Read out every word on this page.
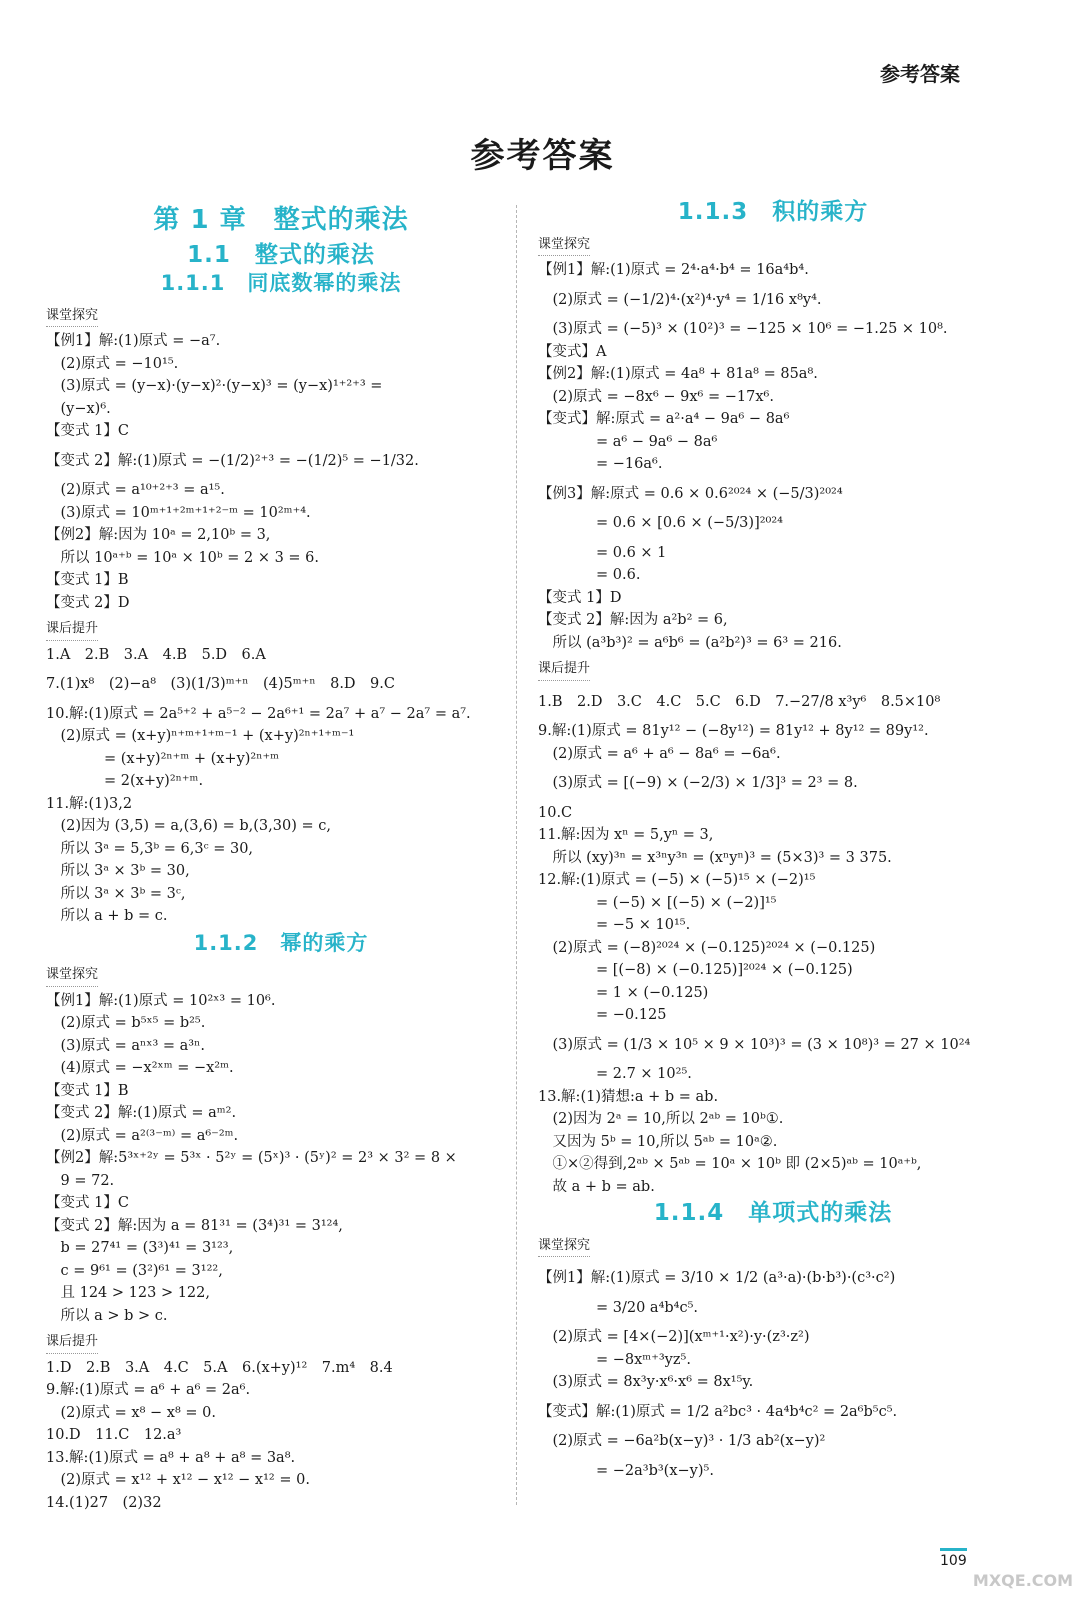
参考答案
参考答案
第 1 章　整式的乘法
1.1　整式的乘法
1.1.1　同底数幂的乘法
课堂探究
【例1】解:(1)原式 = −a⁷.
　(2)原式 = −10¹⁵.
　(3)原式 = (y−x)·(y−x)²·(y−x)³ = (y−x)¹⁺²⁺³ =
　(y−x)⁶.
【变式 1】C
【变式 2】解:(1)原式 = −(1/2)²⁺³ = −(1/2)⁵ = −1/32.
　(2)原式 = a¹⁰⁺²⁺³ = a¹⁵.
　(3)原式 = 10ᵐ⁺¹⁺²ᵐ⁺¹⁺²⁻ᵐ = 10²ᵐ⁺⁴.
【例2】解:因为 10ᵃ = 2,10ᵇ = 3,
　所以 10ᵃ⁺ᵇ = 10ᵃ × 10ᵇ = 2 × 3 = 6.
【变式 1】B
【变式 2】D
课后提升
1.A　2.B　3.A　4.B　5.D　6.A
7.(1)x⁸　(2)−a⁸　(3)(1/3)ᵐ⁺ⁿ　(4)5ᵐ⁺ⁿ　8.D　9.C
10.解:(1)原式 = 2a⁵⁺² + a⁵⁻² − 2a⁶⁺¹ = 2a⁷ + a⁷ − 2a⁷ = a⁷.
　(2)原式 = (x+y)ⁿ⁺ᵐ⁺¹⁺ᵐ⁻¹ + (x+y)²ⁿ⁺¹⁺ᵐ⁻¹
　　　　= (x+y)²ⁿ⁺ᵐ + (x+y)²ⁿ⁺ᵐ
　　　　= 2(x+y)²ⁿ⁺ᵐ.
11.解:(1)3,2
　(2)因为 (3,5) = a,(3,6) = b,(3,30) = c,
　所以 3ᵃ = 5,3ᵇ = 6,3ᶜ = 30,
　所以 3ᵃ × 3ᵇ = 30,
　所以 3ᵃ × 3ᵇ = 3ᶜ,
　所以 a + b = c.
1.1.2　幂的乘方
课堂探究
【例1】解:(1)原式 = 10²ˣ³ = 10⁶.
　(2)原式 = b⁵ˣ⁵ = b²⁵.
　(3)原式 = aⁿˣ³ = a³ⁿ.
　(4)原式 = −x²ˣᵐ = −x²ᵐ.
【变式 1】B
【变式 2】解:(1)原式 = aᵐ².
　(2)原式 = a²⁽³⁻ᵐ⁾ = a⁶⁻²ᵐ.
【例2】解:5³ˣ⁺²ʸ = 5³ˣ · 5²ʸ = (5ˣ)³ · (5ʸ)² = 2³ × 3² = 8 ×
　9 = 72.
【变式 1】C
【变式 2】解:因为 a = 81³¹ = (3⁴)³¹ = 3¹²⁴,
　b = 27⁴¹ = (3³)⁴¹ = 3¹²³,
　c = 9⁶¹ = (3²)⁶¹ = 3¹²²,
　且 124 > 123 > 122,
　所以 a > b > c.
课后提升
1.D　2.B　3.A　4.C　5.A　6.(x+y)¹²　7.m⁴　8.4
9.解:(1)原式 = a⁶ + a⁶ = 2a⁶.
　(2)原式 = x⁸ − x⁸ = 0.
10.D　11.C　12.a³
13.解:(1)原式 = a⁸ + a⁸ + a⁸ = 3a⁸.
　(2)原式 = x¹² + x¹² − x¹² − x¹² = 0.
14.(1)27　(2)32
1.1.3　积的乘方
课堂探究
【例1】解:(1)原式 = 2⁴·a⁴·b⁴ = 16a⁴b⁴.
　(2)原式 = (−1/2)⁴·(x²)⁴·y⁴ = 1/16 x⁸y⁴.
　(3)原式 = (−5)³ × (10²)³ = −125 × 10⁶ = −1.25 × 10⁸.
【变式】A
【例2】解:(1)原式 = 4a⁸ + 81a⁸ = 85a⁸.
　(2)原式 = −8x⁶ − 9x⁶ = −17x⁶.
【变式】解:原式 = a²·a⁴ − 9a⁶ − 8a⁶
　　　　= a⁶ − 9a⁶ − 8a⁶
　　　　= −16a⁶.
【例3】解:原式 = 0.6 × 0.6²⁰²⁴ × (−5/3)²⁰²⁴
　　　　= 0.6 × [0.6 × (−5/3)]²⁰²⁴
　　　　= 0.6 × 1
　　　　= 0.6.
【变式 1】D
【变式 2】解:因为 a²b² = 6,
　所以 (a³b³)² = a⁶b⁶ = (a²b²)³ = 6³ = 216.
课后提升
1.B　2.D　3.C　4.C　5.C　6.D　7.−27/8 x³y⁶　8.5×10⁸
9.解:(1)原式 = 81y¹² − (−8y¹²) = 81y¹² + 8y¹² = 89y¹².
　(2)原式 = a⁶ + a⁶ − 8a⁶ = −6a⁶.
　(3)原式 = [(−9) × (−2/3) × 1/3]³ = 2³ = 8.
10.C
11.解:因为 xⁿ = 5,yⁿ = 3,
　所以 (xy)³ⁿ = x³ⁿy³ⁿ = (xⁿyⁿ)³ = (5×3)³ = 3 375.
12.解:(1)原式 = (−5) × (−5)¹⁵ × (−2)¹⁵
　　　　= (−5) × [(−5) × (−2)]¹⁵
　　　　= −5 × 10¹⁵.
　(2)原式 = (−8)²⁰²⁴ × (−0.125)²⁰²⁴ × (−0.125)
　　　　= [(−8) × (−0.125)]²⁰²⁴ × (−0.125)
　　　　= 1 × (−0.125)
　　　　= −0.125
　(3)原式 = (1/3 × 10⁵ × 9 × 10³)³ = (3 × 10⁸)³ = 27 × 10²⁴
　　　　= 2.7 × 10²⁵.
13.解:(1)猜想:a + b = ab.
　(2)因为 2ᵃ = 10,所以 2ᵃᵇ = 10ᵇ①.
　又因为 5ᵇ = 10,所以 5ᵃᵇ = 10ᵃ②.
　①×②得到,2ᵃᵇ × 5ᵃᵇ = 10ᵃ × 10ᵇ 即 (2×5)ᵃᵇ = 10ᵃ⁺ᵇ,
　故 a + b = ab.
1.1.4　单项式的乘法
课堂探究
【例1】解:(1)原式 = 3/10 × 1/2 (a³·a)·(b·b³)·(c³·c²)
　　　　= 3/20 a⁴b⁴c⁵.
　(2)原式 = [4×(−2)](xᵐ⁺¹·x²)·y·(z³·z²)
　　　　= −8xᵐ⁺³yz⁵.
　(3)原式 = 8x³y·x⁶·x⁶ = 8x¹⁵y.
【变式】解:(1)原式 = 1/2 a²bc³ · 4a⁴b⁴c² = 2a⁶b⁵c⁵.
　(2)原式 = −6a²b(x−y)³ · 1/3 ab²(x−y)²
　　　　= −2a³b³(x−y)⁵.
109
MXQE.COM
